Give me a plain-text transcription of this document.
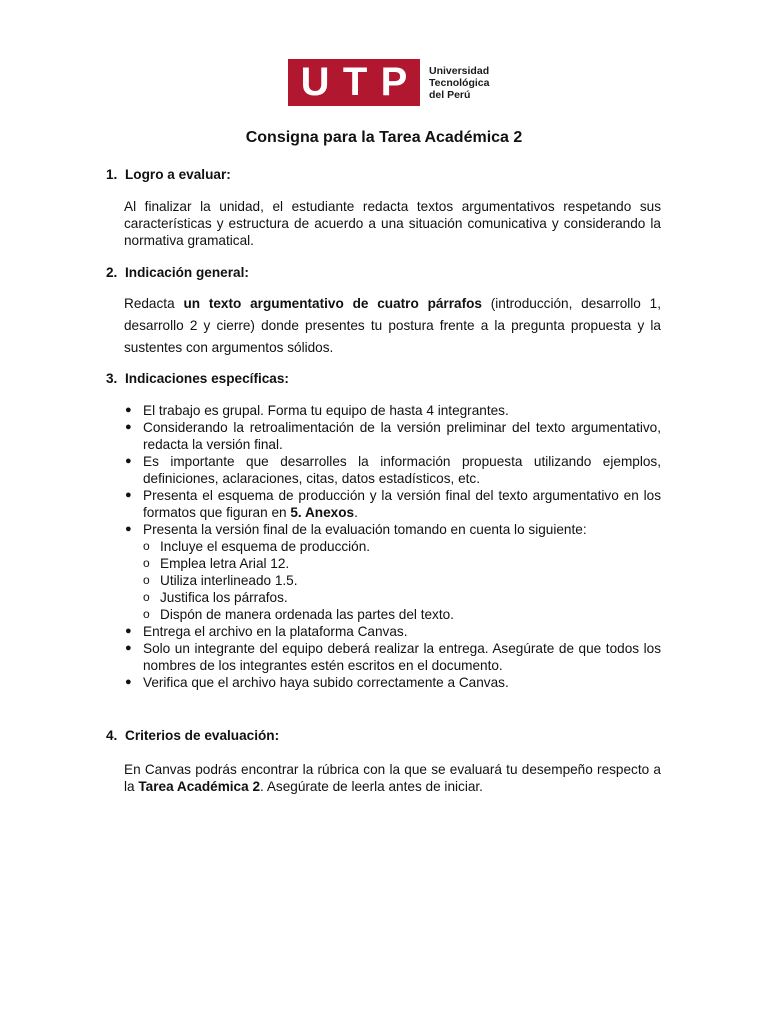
U T P Universidad
Tecnológica
del Perú
Consigna para la Tarea Académica 2
1. Logro a evaluar:
Al finalizar la unidad, el estudiante redacta textos argumentativos respetando sus características y estructura de acuerdo a una situación comunicativa y considerando la normativa gramatical.
2. Indicación general:
Redacta un texto argumentativo de cuatro párrafos (introducción, desarrollo 1, desarrollo 2 y cierre) donde presentes tu postura frente a la pregunta propuesta y la sustentes con argumentos sólidos.
3. Indicaciones específicas:
● El trabajo es grupal. Forma tu equipo de hasta 4 integrantes.
● Considerando la retroalimentación de la versión preliminar del texto argumentativo, redacta la versión final.
● Es importante que desarrolles la información propuesta utilizando ejemplos, definiciones, aclaraciones, citas, datos estadísticos, etc.
● Presenta el esquema de producción y la versión final del texto argumentativo en los formatos que figuran en 5. Anexos.
● Presenta la versión final de la evaluación tomando en cuenta lo siguiente:
o Incluye el esquema de producción.
o Emplea letra Arial 12.
o Utiliza interlineado 1.5.
o Justifica los párrafos.
o Dispón de manera ordenada las partes del texto.
● Entrega el archivo en la plataforma Canvas.
● Solo un integrante del equipo deberá realizar la entrega. Asegúrate de que todos los nombres de los integrantes estén escritos en el documento.
● Verifica que el archivo haya subido correctamente a Canvas.
4. Criterios de evaluación:
En Canvas podrás encontrar la rúbrica con la que se evaluará tu desempeño respecto a la Tarea Académica 2. Asegúrate de leerla antes de iniciar.
